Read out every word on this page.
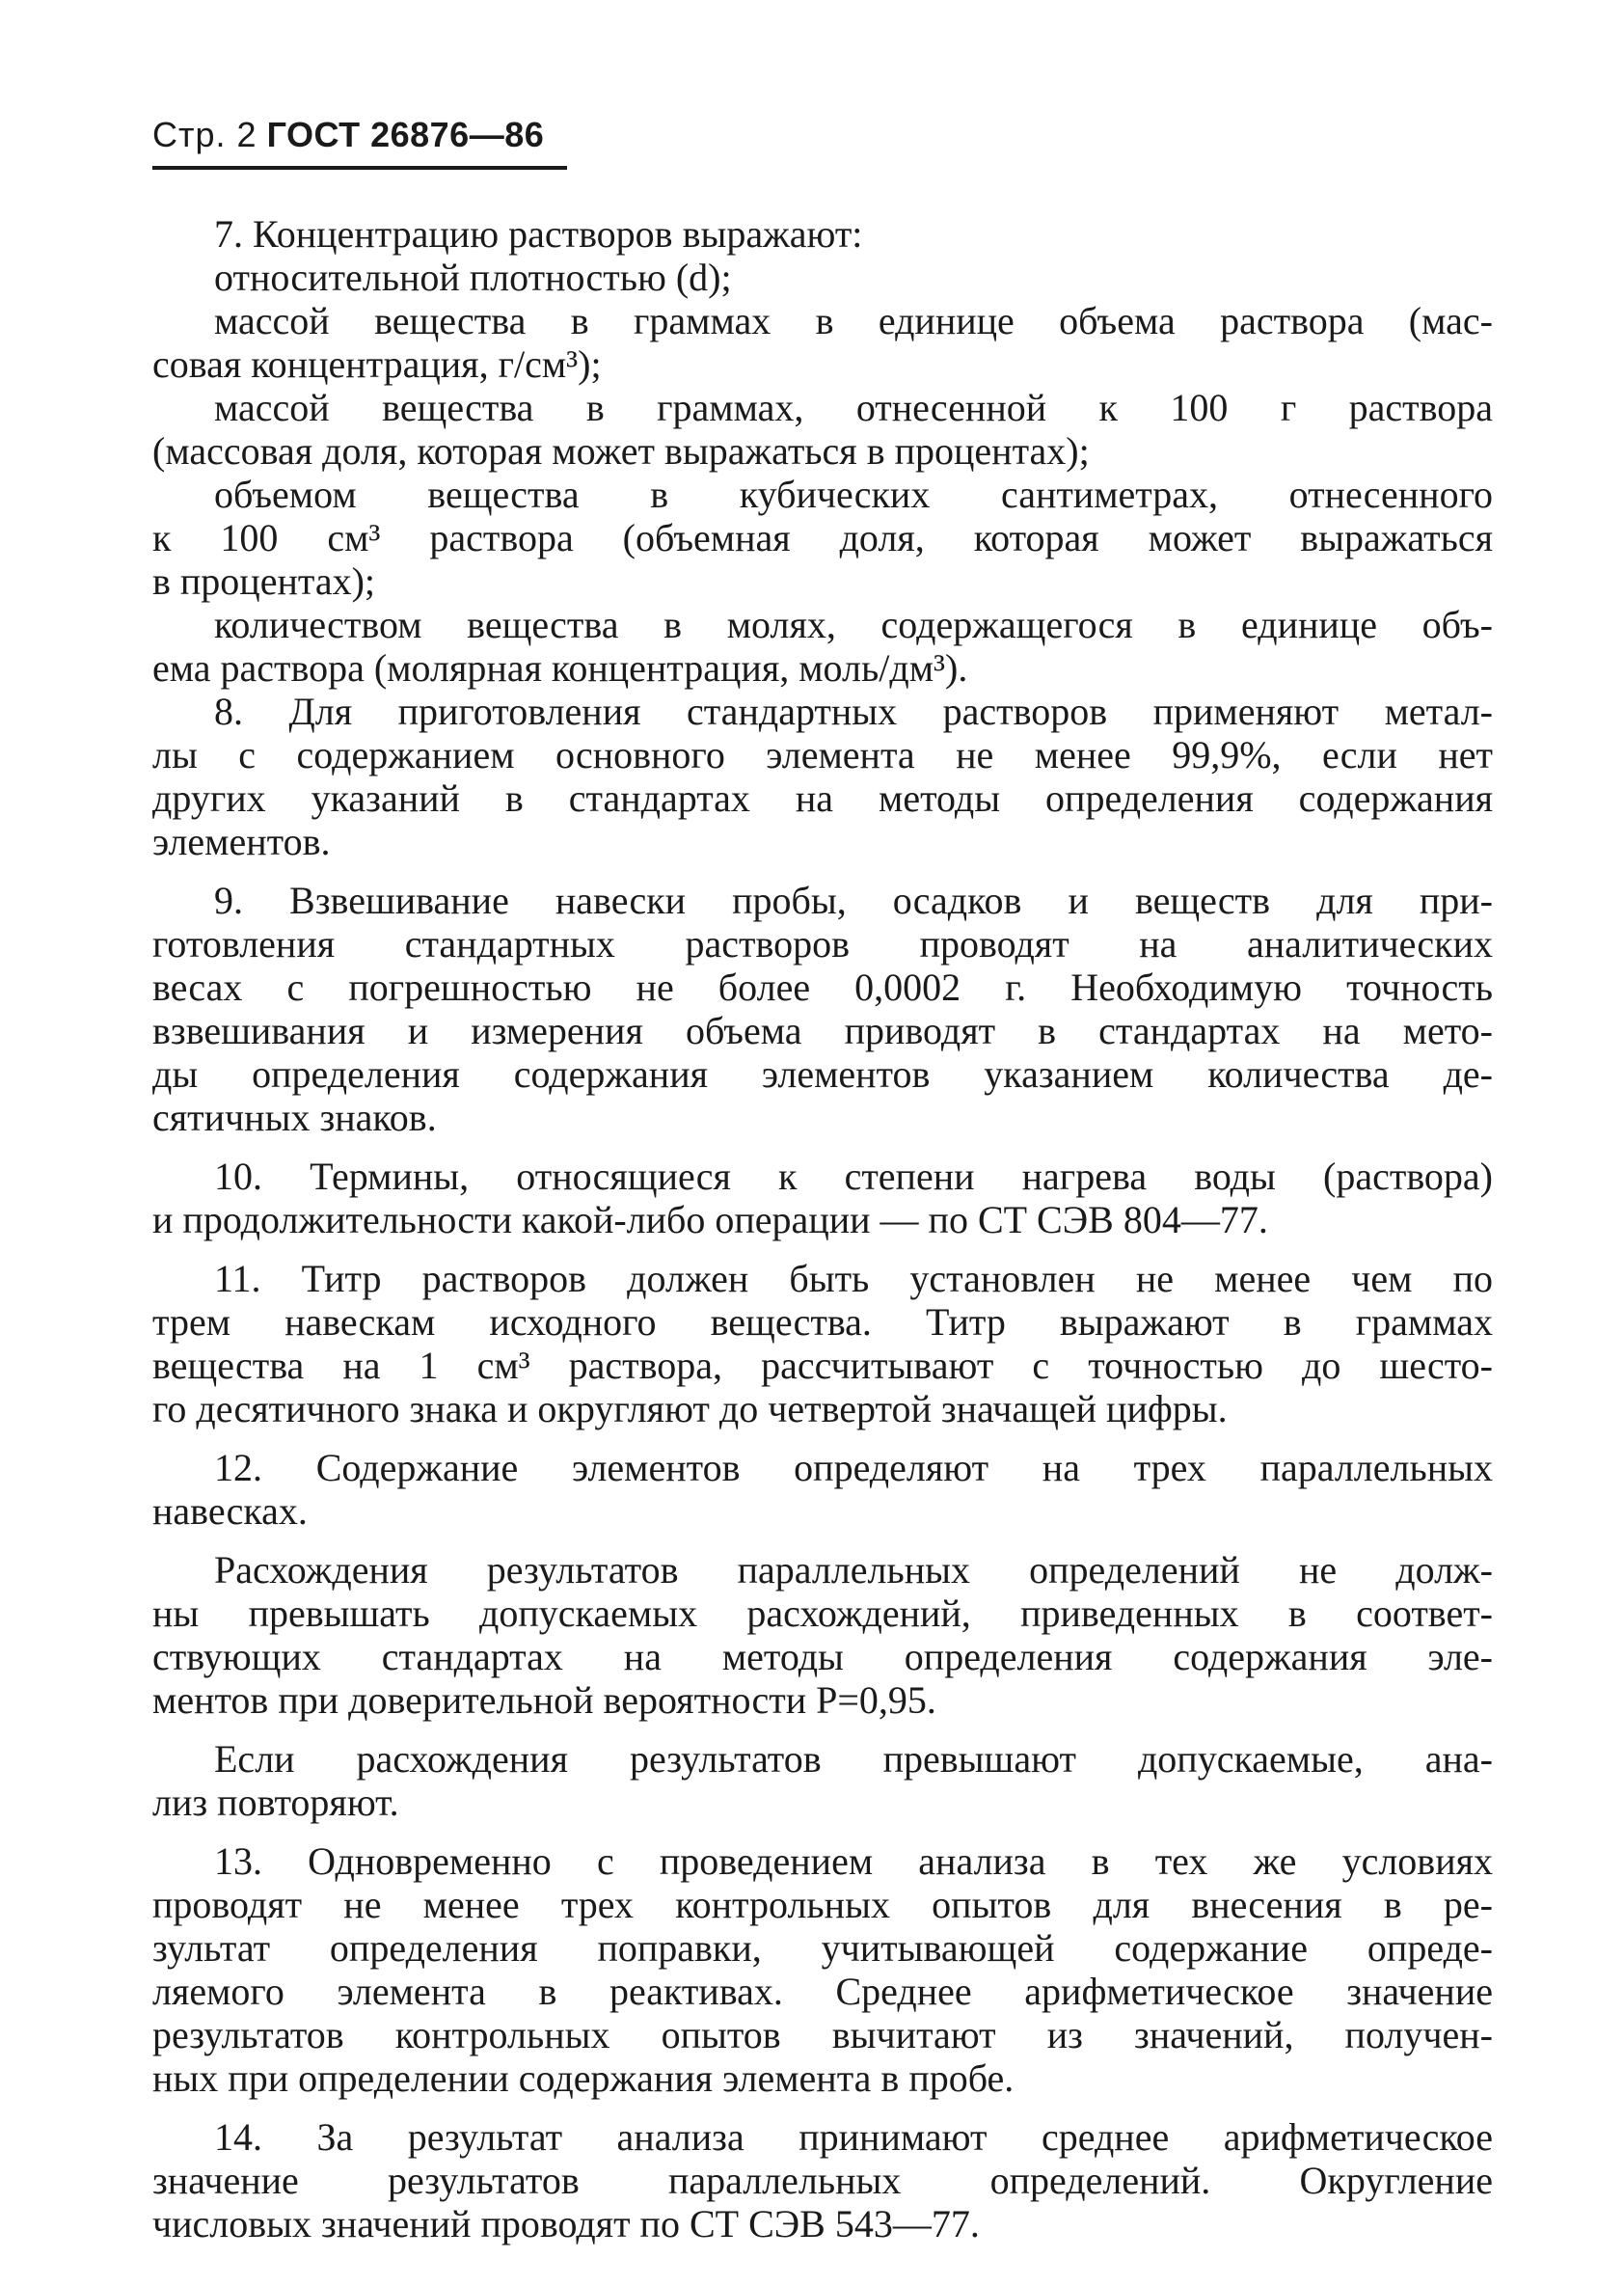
Стр. 2 ГОСТ 26876—86
7. Концентрацию растворов выражают:
относительной плотностью (d);
массой вещества в граммах в единице объема раствора (мас-
совая концентрация, г/см³);
массой вещества в граммах, отнесенной к 100 г раствора
(массовая доля, которая может выражаться в процентах);
объемом вещества в кубических сантиметрах, отнесенного
к 100 см³ раствора (объемная доля, которая может выражаться
в процентах);
количеством вещества в молях, содержащегося в единице объ-
ема раствора (молярная концентрация, моль/дм³).
8. Для приготовления стандартных растворов применяют метал-
лы с содержанием основного элемента не менее 99,9%, если нет
других указаний в стандартах на методы определения содержания
элементов.
9. Взвешивание навески пробы, осадков и веществ для при-
готовления стандартных растворов проводят на аналитических
весах с погрешностью не более 0,0002 г. Необходимую точность
взвешивания и измерения объема приводят в стандартах на мето-
ды определения содержания элементов указанием количества де-
сятичных знаков.
10. Термины, относящиеся к степени нагрева воды (раствора)
и продолжительности какой-либо операции — по СТ СЭВ 804—77.
11. Титр растворов должен быть установлен не менее чем по
трем навескам исходного вещества. Титр выражают в граммах
вещества на 1 см³ раствора, рассчитывают с точностью до шесто-
го десятичного знака и округляют до четвертой значащей цифры.
12. Содержание элементов определяют на трех параллельных
навесках.
Расхождения результатов параллельных определений не долж-
ны превышать допускаемых расхождений, приведенных в соответ-
ствующих стандартах на методы определения содержания эле-
ментов при доверительной вероятности P=0,95.
Если расхождения результатов превышают допускаемые, ана-
лиз повторяют.
13. Одновременно с проведением анализа в тех же условиях
проводят не менее трех контрольных опытов для внесения в ре-
зультат определения поправки, учитывающей содержание опреде-
ляемого элемента в реактивах. Среднее арифметическое значение
результатов контрольных опытов вычитают из значений, получен-
ных при определении содержания элемента в пробе.
14. За результат анализа принимают среднее арифметическое
значение результатов параллельных определений. Округление
числовых значений проводят по СТ СЭВ 543—77.
